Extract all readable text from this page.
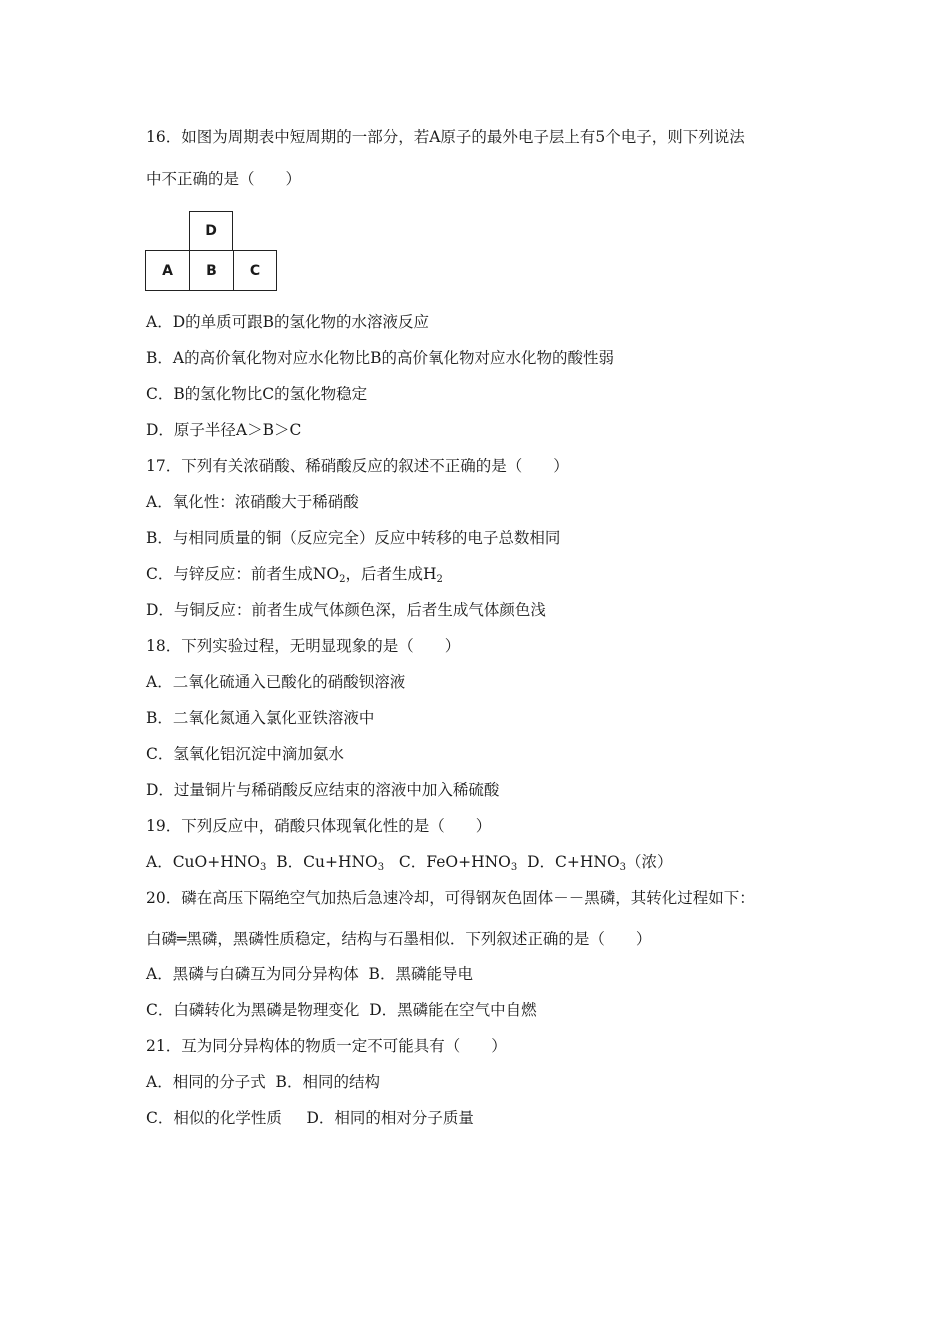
16．如图为周期表中短周期的一部分，若A原子的最外电子层上有5个电子，则下列说法
中不正确的是（　　）
D
A	B	C
A．D的单质可跟B的氢化物的水溶液反应
B．A的高价氧化物对应水化物比B的高价氧化物对应水化物的酸性弱
C．B的氢化物比C的氢化物稳定
D．原子半径A＞B＞C
17．下列有关浓硝酸、稀硝酸反应的叙述不正确的是（　　）
A．氧化性：浓硝酸大于稀硝酸
B．与相同质量的铜（反应完全）反应中转移的电子总数相同
C．与锌反应：前者生成$NO_2$，后者生成$H_2$
D．与铜反应：前者生成气体颜色深，后者生成气体颜色浅
18．下列实验过程，无明显现象的是（　　）
A．二氧化硫通入已酸化的硝酸钡溶液
B．二氧化氮通入氯化亚铁溶液中
C．氢氧化铝沉淀中滴加氨水
D．过量铜片与稀硝酸反应结束的溶液中加入稀硫酸
19．下列反应中，硝酸只体现氧化性的是（　　）
A．$CuO+HNO_3$  B．$Cu+HNO_3$   C．$FeO+HNO_3$  D．$C+HNO_3$（浓）
20．磷在高压下隔绝空气加热后急速冷却，可得钢灰色固体－－黑磷，其转化过程如下：
白磷═黑磷，黑磷性质稳定，结构与石墨相似．下列叙述正确的是（　　）
A．黑磷与白磷互为同分异构体  B．黑磷能导电
C．白磷转化为黑磷是物理变化  D．黑磷能在空气中自燃
21．互为同分异构体的物质一定不可能具有（　　）
A．相同的分子式  B．相同的结构
C．相似的化学性质     D．相同的相对分子质量
